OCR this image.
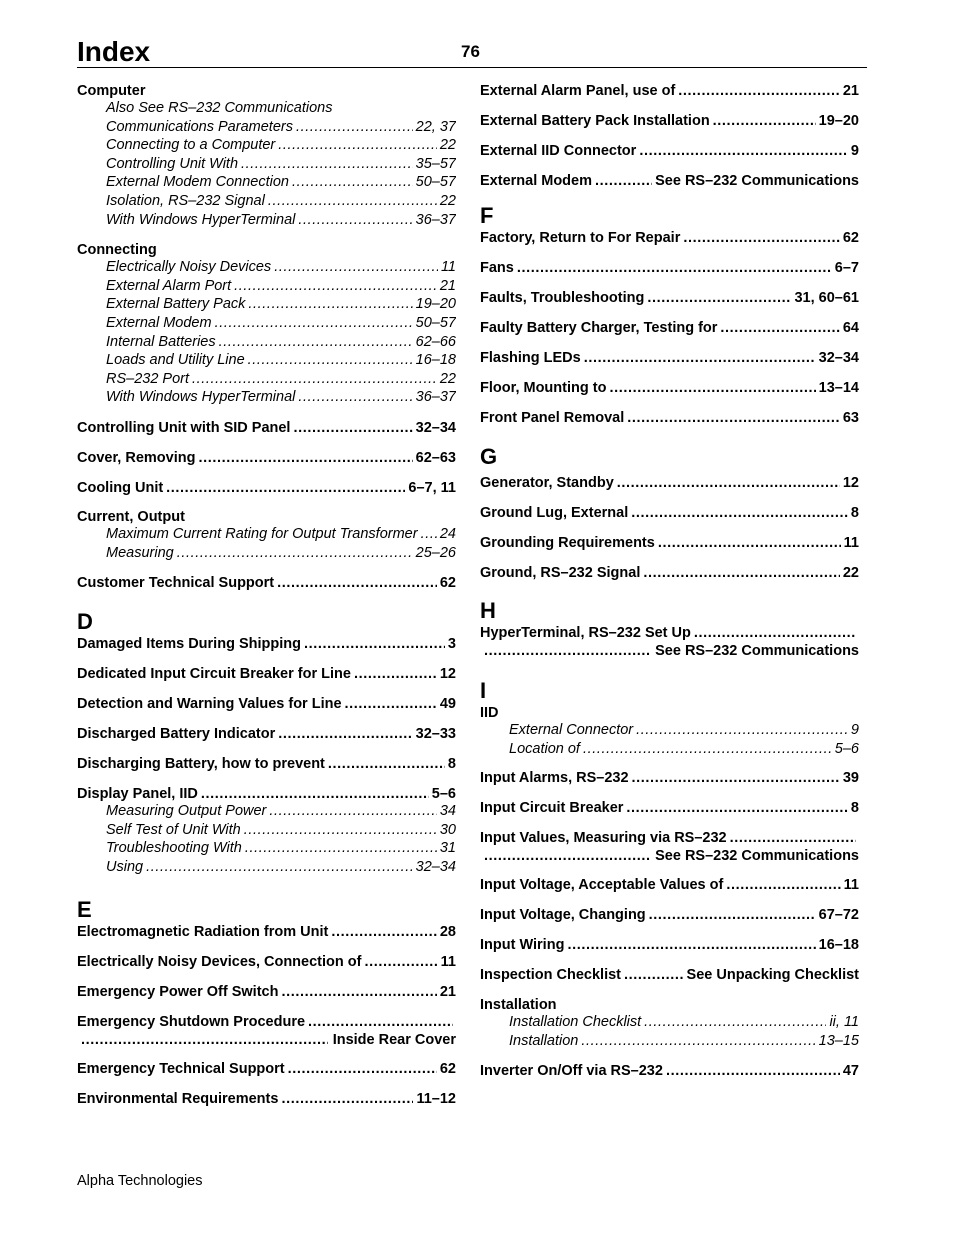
Index	76
Computer
Also See RS–232 Communications
Communications Parameters .....	22, 37
Connecting to a Computer .....	22
Controlling Unit With .....	35–57
External Modem Connection .....	50–57
Isolation, RS–232 Signal .....	22
With Windows HyperTerminal .....	36–37
Connecting
Electrically Noisy Devices .....	11
External Alarm Port .....	21
External Battery Pack .....	19–20
External Modem .....	50–57
Internal Batteries .....	62–66
Loads and Utility Line .....	16–18
RS–232 Port .....	22
With Windows HyperTerminal .....	36–37
Controlling Unit with SID Panel .....	32–34
Cover, Removing .....	62–63
Cooling Unit .....	6–7, 11
Current, Output
Maximum Current Rating for Output Transformer ..... 24
Measuring .....	25–26
Customer Technical Support .....	62
D
Damaged Items During Shipping .....	3
Dedicated Input Circuit Breaker for Line .....	12
Detection and Warning Values for Line .....	49
Discharged Battery Indicator .....	32–33
Discharging Battery, how to prevent .....	8
Display Panel, IID .....	5–6
Measuring Output Power .....	34
Self Test of Unit With .....	30
Troubleshooting With .....	31
Using .....	32–34
E
Electromagnetic Radiation from Unit .....	28
Electrically Noisy Devices, Connection of .....	11
Emergency Power Off Switch .....	21
Emergency Shutdown Procedure
.....
.....
Inside Rear Cover
Emergency Technical Support .....	62
Environmental Requirements .....	11–12
External Alarm Panel, use of .....	21
External Battery Pack Installation .....	19–20
External IID Connector .....	9
External Modem .....	See RS–232 Communications
F
Factory, Return to For Repair .....	62
Fans .....	6–7
Faults, Troubleshooting .....	31, 60–61
Faulty Battery Charger, Testing for .....	64
Flashing LEDs .....	32–34
Floor, Mounting to .....	13–14
Front Panel Removal .....	63
G
Generator, Standby .....	12
Ground Lug, External .....	8
Grounding Requirements .....	11
Ground, RS–232 Signal .....	22
H
HyperTerminal, RS–232 Set Up
.....
.....
See RS–232 Communications
I
IID
External Connector .....	9
Location of .....	5–6
Input Alarms, RS–232 .....	39
Input Circuit Breaker .....	8
Input Values, Measuring via RS–232
.....
.....
See RS–232 Communications
Input Voltage, Acceptable Values of .....	11
Input Voltage, Changing .....	67–72
Input Wiring .....	16–18
Inspection Checklist .....	See Unpacking Checklist
Installation
Installation Checklist .....	ii, 11
Installation .....	13–15
Inverter On/Off via RS–232 .....	47
Alpha Technologies
